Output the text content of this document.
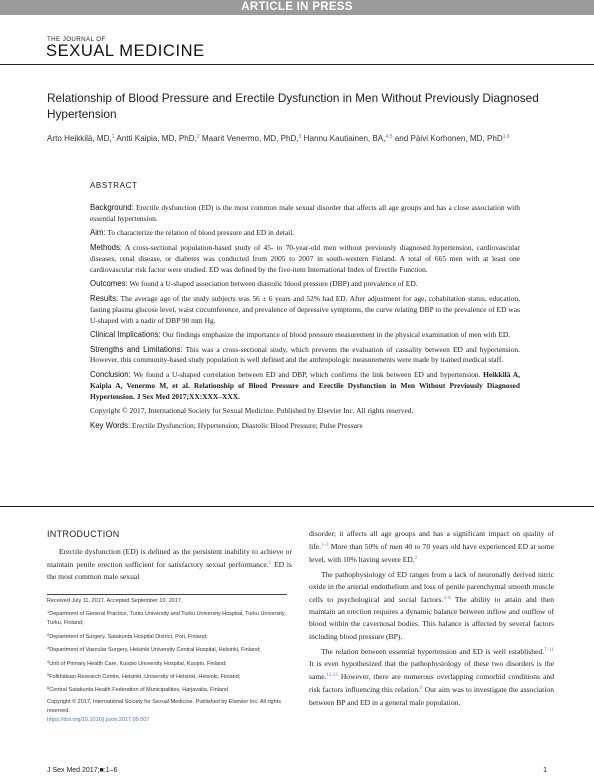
ARTICLE IN PRESS
THE JOURNAL OF
SEXUAL MEDICINE
Relationship of Blood Pressure and Erectile Dysfunction in Men Without Previously Diagnosed Hypertension
Arto Heikkilä, MD,$^1$ Antti Kaipia, MD, PhD,$^2$ Maarit Venermo, MD, PhD,$^3$ Hannu Kautiainen, BA,$^{4,5}$ and Päivi Korhonen, MD, PhD$^{1,6}$
ABSTRACT

Background: Erectile dysfunction (ED) is the most common male sexual disorder that affects all age groups and has a close association with essential hypertension.

Aim: To characterize the relation of blood pressure and ED in detail.

Methods: A cross-sectional population-based study of 45- to 70-year-old men without previously diagnosed hypertension, cardiovascular diseases, renal disease, or diabetes was conducted from 2005 to 2007 in south-western Finland. A total of 665 men with at least one cardiovascular risk factor were studied. ED was defined by the five-item International Index of Erectile Function.

Outcomes: We found a U-shaped association between diastolic blood pressure (DBP) and prevalence of ED.

Results: The average age of the study subjects was 56 ± 6 years and 52% had ED. After adjustment for age, cohabitation status, education, fasting plasma glucose level, waist circumference, and prevalence of depressive symptoms, the curve relating DBP to the prevalence of ED was U-shaped with a nadir of DBP 90 mm Hg.

Clinical Implications: Our findings emphasize the importance of blood pressure measurement in the physical examination of men with ED.

Strengths and Limitations: This was a cross-sectional study, which prevents the evaluation of causality between ED and hypertension. However, this community-based study population is well defined and the anthropologic measurements were made by trained medical staff.

Conclusion: We found a U-shaped correlation between ED and DBP, which confirms the link between ED and hypertension. Heikkilä A, Kaipia A, Venermo M, et al. Relationship of Blood Pressure and Erectile Dysfunction in Men Without Previously Diagnosed Hypertension. J Sex Med 2017;XX:XXX–XXX.

Copyright © 2017, International Society for Sexual Medicine. Published by Elsevier Inc. All rights reserved.

Key Words: Erectile Dysfunction; Hypertension; Diastolic Blood Pressure; Pulse Pressure

INTRODUCTION

Erectile dysfunction (ED) is defined as the persistent inability to achieve or maintain penile erection sufficient for satisfactory sexual performance.$^1$ ED is the most common male sexual

Received July 11, 2017. Accepted September 10, 2017.
$^1$Department of General Practice, Turku University and Turku University Hospital, Turku University, Turku, Finland;
$^2$Department of Surgery, Satakunta Hospital District, Pori, Finland;
$^3$Department of Vascular Surgery, Helsinki University Central Hospital, Helsinki, Finland;
$^4$Unit of Primary Health Care, Kuopio University Hospital, Kuopio, Finland;
$^5$Folkhälsan Research Centre, Helsinki, University of Helsinki, Helsinki, Finland;
$^6$Central Satakunta Health Federation of Municipalities, Harjavalta, Finland
Copyright © 2017, International Society for Sexual Medicine. Published by Elsevier Inc. All rights reserved.
https://doi.org/10.1016/j.jsxm.2017.09.007

disorder; it affects all age groups and has a significant impact on quality of life.$^{1-3}$ More than 50% of men 40 to 70 years old have experienced ED at some level, with 10% having severe ED.$^2$

The pathophysiology of ED ranges from a lack of neuronally derived nitric oxide in the arterial endothelium and loss of penile parenchymal smooth muscle cells to psychological and social factors.$^{4-6}$ The ability to attain and then maintain an erection requires a dynamic balance between inflow and outflow of blood within the cavernosal bodies. This balance is affected by several factors including blood pressure (BP).

The relation between essential hypertension and ED is well established.$^{7-11}$ It is even hypothesized that the pathophysiology of these two disorders is the same.$^{12,13}$ However, there are numerous overlapping comorbid conditions and risk factors influencing this relation.$^9$ Our aim was to investigate the association between BP and ED in a general male population.

J Sex Med 2017;■:1–6	1
